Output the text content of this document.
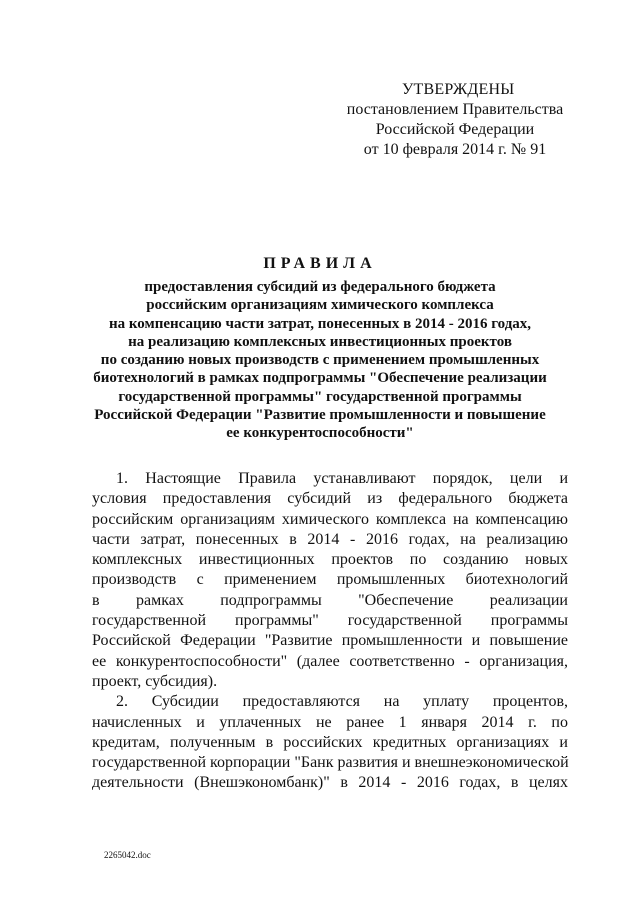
УТВЕРЖДЕНЫ
постановлением Правительства
Российской Федерации
от 10 февраля 2014 г. № 91
ПРАВИЛА
предоставления субсидий из федерального бюджета
российским организациям химического комплекса
на компенсацию части затрат, понесенных в 2014 - 2016 годах,
на реализацию комплексных инвестиционных проектов
по созданию новых производств с применением промышленных
биотехнологий в рамках подпрограммы "Обеспечение реализации
государственной программы" государственной программы
Российской Федерации "Развитие промышленности и повышение
ее конкурентоспособности"

1. Настоящие Правила устанавливают порядок, цели и
условия предоставления субсидий из федерального бюджета
российским организациям химического комплекса на компенсацию
части затрат, понесенных в 2014 - 2016 годах, на реализацию
комплексных инвестиционных проектов по созданию новых
производств с применением промышленных биотехнологий
в рамках подпрограммы "Обеспечение реализации
государственной программы" государственной программы
Российской Федерации "Развитие промышленности и повышение
ее конкурентоспособности" (далее соответственно - организация,
проект, субсидия).

2. Субсидии предоставляются на уплату процентов,
начисленных и уплаченных не ранее 1 января 2014 г. по
кредитам, полученным в российских кредитных организациях и
государственной корпорации "Банк развития и внешнеэкономической
деятельности (Внешэкономбанк)" в 2014 - 2016 годах, в целях

2265042.doc
